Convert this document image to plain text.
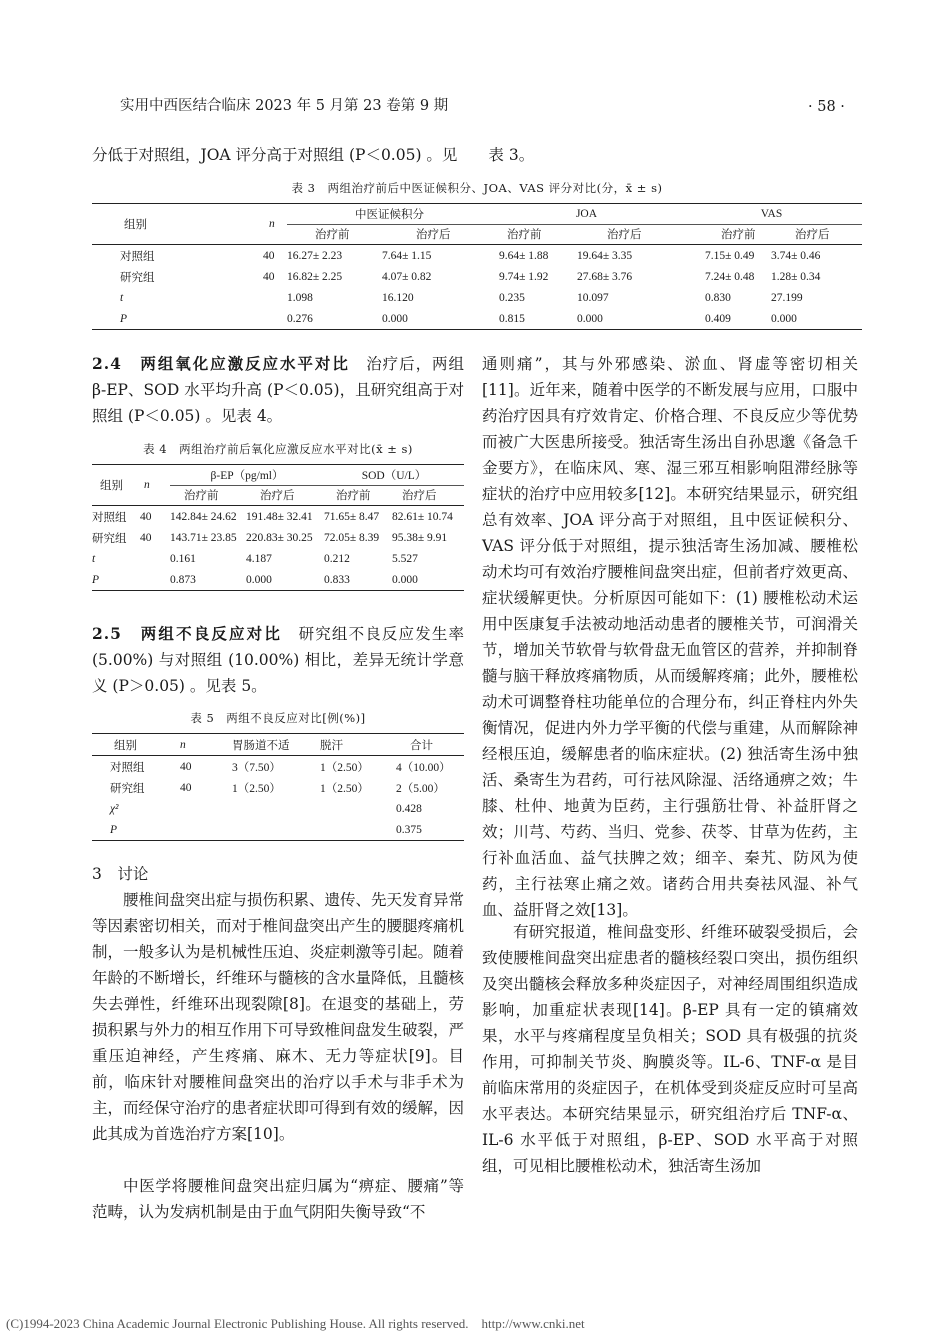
实用中西医结合临床 2023 年 5 月第 23 卷第 9 期	· 58 ·
分低于对照组，JOA 评分高于对照组 (P＜0.05) 。见　　表 3。
表 3　两组治疗前后中医证候积分、JOA、VAS 评分对比(分，x̄ ± s)
组别	n	中医证候积分		JOA		VAS	
		治疗前	治疗后	治疗前	治疗后	治疗前	治疗后
对照组	40	16.27± 2.23	7.64± 1.15	9.64± 1.88	19.64± 3.35	7.15± 0.49	3.74± 0.46
研究组	40	16.82± 2.25	4.07± 0.82	9.74± 1.92	27.68± 3.76	7.24± 0.48	1.28± 0.34
t		1.098	16.120	0.235	10.097	0.830	27.199
P		0.276	0.000	0.815	0.000	0.409	0.000
2.4　两组氧化应激反应水平对比　治疗后，两组 β-EP、SOD 水平均升高 (P＜0.05)，且研究组高于对照组 (P＜0.05) 。见表 4。
表 4　两组治疗前后氧化应激反应水平对比(x̄ ± s)
组别	n	β-EP（pg/ml）		SOD（U/L）	
		治疗前	治疗后	治疗前	治疗后
对照组	40	142.84± 24.62	191.48± 32.41	71.65± 8.47	82.61± 10.74
研究组	40	143.71± 23.85	220.83± 30.25	72.05± 8.39	95.38± 9.91
t		0.161	4.187	0.212	5.527
P		0.873	0.000	0.833	0.000
2.5　两组不良反应对比　研究组不良反应发生率 (5.00%) 与对照组 (10.00%) 相比，差异无统计学意义 (P＞0.05) 。见表 5。
表 5　两组不良反应对比[例(%)]
组别	n	胃肠道不适	脱汗	合计
对照组	40	3（7.50）	1（2.50）	4（10.00）
研究组	40	1（2.50）	1（2.50）	2（5.00）
χ²				0.428
P				0.375
3　讨论
腰椎间盘突出症与损伤积累、遗传、先天发育异常等因素密切相关，而对于椎间盘突出产生的腰腿疼痛机制，一般多认为是机械性压迫、炎症刺激等引起。随着年龄的不断增长，纤维环与髓核的含水量降低，且髓核失去弹性，纤维环出现裂隙[8]。在退变的基础上，劳损积累与外力的相互作用下可导致椎间盘发生破裂，严重压迫神经，产生疼痛、麻木、无力等症状[9]。目前，临床针对腰椎间盘突出的治疗以手术与非手术为主，而经保守治疗的患者症状即可得到有效的缓解，因此其成为首选治疗方案[10]。
中医学将腰椎间盘突出症归属为“痹症、腰痛”等范畴，认为发病机制是由于血气阴阳失衡导致“不
通则痛”，其与外邪感染、淤血、肾虚等密切相关[11]。近年来，随着中医学的不断发展与应用，口服中药治疗因具有疗效肯定、价格合理、不良反应少等优势而被广大医患所接受。独活寄生汤出自孙思邈《备急千金要方》，在临床风、寒、湿三邪互相影响阻滞经脉等症状的治疗中应用较多[12]。本研究结果显示，研究组总有效率、JOA 评分高于对照组，且中医证候积分、VAS 评分低于对照组，提示独活寄生汤加减、腰椎松动术均可有效治疗腰椎间盘突出症，但前者疗效更高、症状缓解更快。分析原因可能如下：(1) 腰椎松动术运用中医康复手法被动地活动患者的腰椎关节，可润滑关节，增加关节软骨与软骨盘无血管区的营养，并抑制脊髓与脑干释放疼痛物质，从而缓解疼痛；此外，腰椎松动术可调整脊柱功能单位的合理分布，纠正脊柱内外失衡情况，促进内外力学平衡的代偿与重建，从而解除神经根压迫，缓解患者的临床症状。(2) 独活寄生汤中独活、桑寄生为君药，可行祛风除湿、活络通痹之效；牛膝、杜仲、地黄为臣药，主行强筋壮骨、补益肝肾之效；川芎、芍药、当归、党参、茯苓、甘草为佐药，主行补血活血、益气扶脾之效；细辛、秦艽、防风为使药，主行祛寒止痛之效。诸药合用共奏祛风湿、补气血、益肝肾之效[13]。
有研究报道，椎间盘变形、纤维环破裂受损后，会致使腰椎间盘突出症患者的髓核经裂口突出，损伤组织及突出髓核会释放多种炎症因子，对神经周围组织造成影响，加重症状表现[14]。β-EP 具有一定的镇痛效果，水平与疼痛程度呈负相关；SOD 具有极强的抗炎作用，可抑制关节炎、胸膜炎等。IL-6、TNF-α 是目前临床常用的炎症因子，在机体受到炎症反应时可呈高水平表达。本研究结果显示，研究组治疗后 TNF-α、IL-6 水平低于对照组，β-EP、SOD 水平高于对照组，可见相比腰椎松动术，独活寄生汤加
(C)1994-2023 China Academic Journal Electronic Publishing House. All rights reserved.    http://www.cnki.net
